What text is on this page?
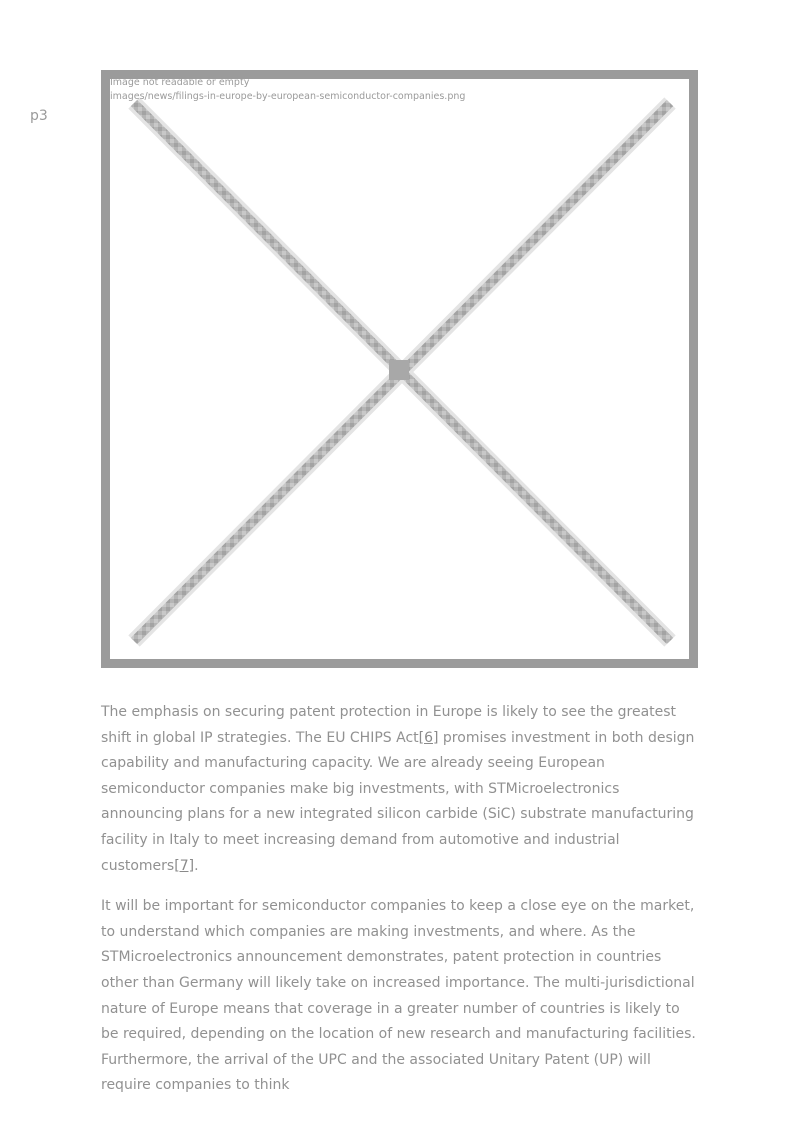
p3
Image not readable or empty
images/news/filings-in-europe-by-european-semiconductor-companies.png

The emphasis on securing patent protection in Europe is likely to see the greatest shift in global IP strategies. The EU CHIPS Act[6] promises investment in both design capability and manufacturing capacity. We are already seeing European semiconductor companies make big investments, with STMicroelectronics announcing plans for a new integrated silicon carbide (SiC) substrate manufacturing facility in Italy to meet increasing demand from automotive and industrial customers[7].

It will be important for semiconductor companies to keep a close eye on the market, to understand which companies are making investments, and where. As the STMicroelectronics announcement demonstrates, patent protection in countries other than Germany will likely take on increased importance. The multi-jurisdictional nature of Europe means that coverage in a greater number of countries is likely to be required, depending on the location of new research and manufacturing facilities. Furthermore, the arrival of the UPC and the associated Unitary Patent (UP) will require companies to think
